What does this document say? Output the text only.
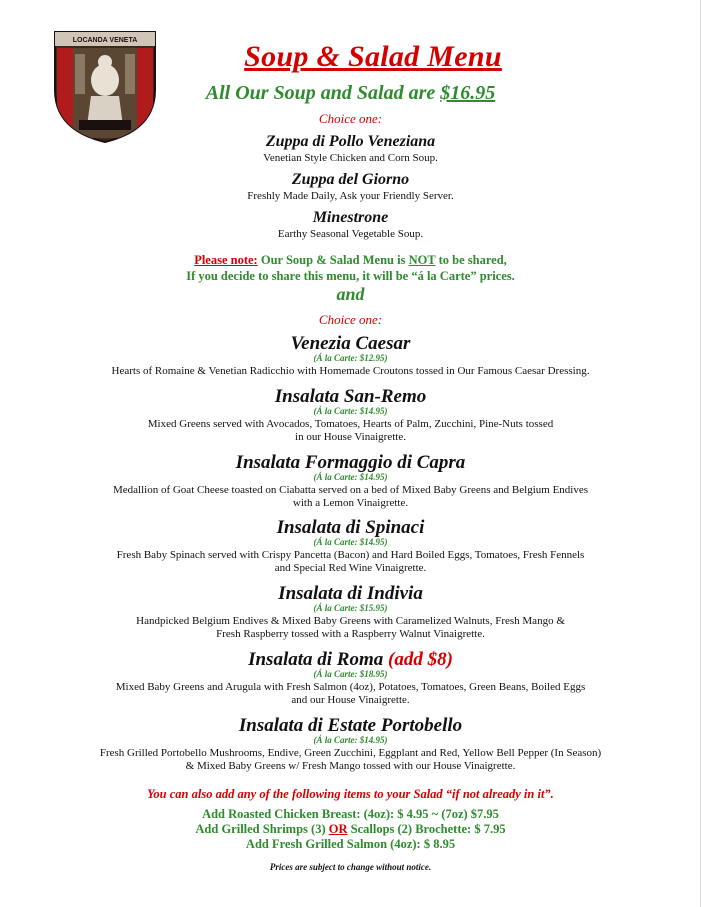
LOCANDA VENETA	Soup & Salad Menu
All Our Soup and Salad are $16.95
Choice one:
Zuppa di Pollo Veneziana
Venetian Style Chicken and Corn Soup.
Zuppa del Giorno
Freshly Made Daily, Ask your Friendly Server.
Minestrone
Earthy Seasonal Vegetable Soup.
Please note: Our Soup & Salad Menu is NOT to be shared,
If you decide to share this menu, it will be “á la Carte” prices.
and
Choice one:
Venezia Caesar
(Á la Carte: $12.95)
Hearts of Romaine & Venetian Radicchio with Homemade Croutons tossed in Our Famous Caesar Dressing.
Insalata San-Remo
(Á la Carte: $14.95)
Mixed Greens served with Avocados, Tomatoes, Hearts of Palm, Zucchini, Pine-Nuts tossed
in our House Vinaigrette.
Insalata Formaggio di Capra
(Á la Carte: $14.95)
Medallion of Goat Cheese toasted on Ciabatta served on a bed of Mixed Baby Greens and Belgium Endives
with a Lemon Vinaigrette.
Insalata di Spinaci
(Á la Carte: $14.95)
Fresh Baby Spinach served with Crispy Pancetta (Bacon) and Hard Boiled Eggs, Tomatoes, Fresh Fennels
and Special Red Wine Vinaigrette.
Insalata di Indivia
(Á la Carte: $15.95)
Handpicked Belgium Endives & Mixed Baby Greens with Caramelized Walnuts, Fresh Mango &
Fresh Raspberry tossed with a Raspberry Walnut Vinaigrette.
Insalata di Roma (add $8)
(Á la Carte: $18.95)
Mixed Baby Greens and Arugula with Fresh Salmon (4oz), Potatoes, Tomatoes, Green Beans, Boiled Eggs
and our House Vinaigrette.
Insalata di Estate Portobello
(Á la Carte: $14.95)
Fresh Grilled Portobello Mushrooms, Endive, Green Zucchini, Eggplant and Red, Yellow Bell Pepper (In Season)
& Mixed Baby Greens w/ Fresh Mango tossed with our House Vinaigrette.
You can also add any of the following items to your Salad “if not already in it”.
Add Roasted Chicken Breast: (4oz): $ 4.95 ~ (7oz) $7.95
Add Grilled Shrimps (3) OR Scallops (2) Brochette: $ 7.95
Add Fresh Grilled Salmon (4oz): $ 8.95
Prices are subject to change without notice.
